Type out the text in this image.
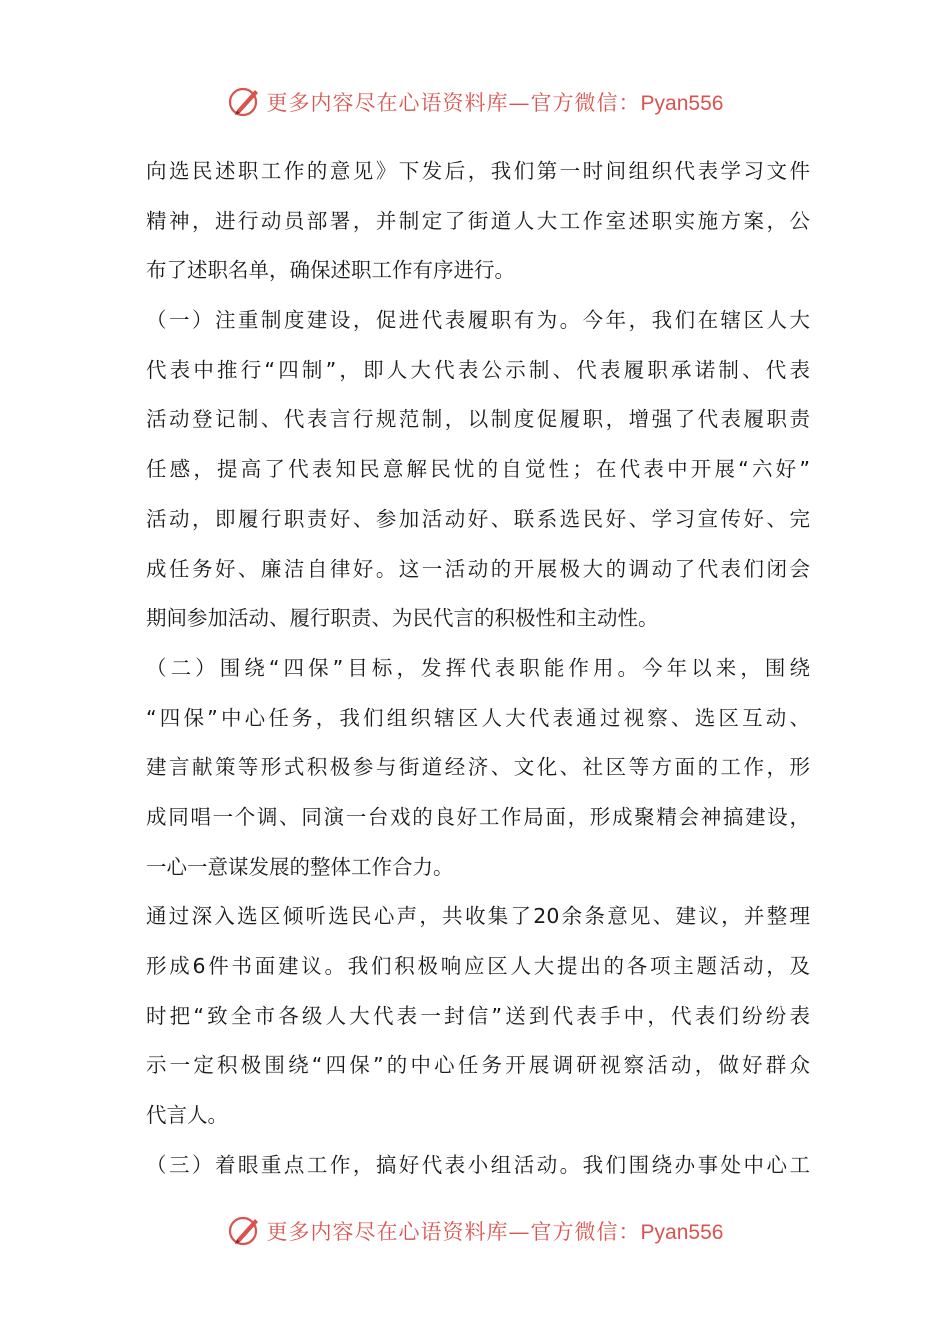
更多内容尽在心语资料库—官方微信：Pyan556
向选民述职工作的意见》下发后，我们第一时间组织代表学习文件
精神，进行动员部署，并制定了街道人大工作室述职实施方案，公
布了述职名单，确保述职工作有序进行。
（一）注重制度建设，促进代表履职有为。今年，我们在辖区人大
代表中推行“四制”，即人大代表公示制、代表履职承诺制、代表
活动登记制、代表言行规范制，以制度促履职，增强了代表履职责
任感，提高了代表知民意解民忧的自觉性；在代表中开展“六好”
活动，即履行职责好、参加活动好、联系选民好、学习宣传好、完
成任务好、廉洁自律好。这一活动的开展极大的调动了代表们闭会
期间参加活动、履行职责、为民代言的积极性和主动性。
（二）围绕“四保”目标，发挥代表职能作用。今年以来，围绕
“四保”中心任务，我们组织辖区人大代表通过视察、选区互动、
建言献策等形式积极参与街道经济、文化、社区等方面的工作，形
成同唱一个调、同演一台戏的良好工作局面，形成聚精会神搞建设，
一心一意谋发展的整体工作合力。
通过深入选区倾听选民心声，共收集了20余条意见、建议，并整理
形成6件书面建议。我们积极响应区人大提出的各项主题活动，及
时把“致全市各级人大代表一封信”送到代表手中，代表们纷纷表
示一定积极围绕“四保”的中心任务开展调研视察活动，做好群众
代言人。
（三）着眼重点工作，搞好代表小组活动。我们围绕办事处中心工
更多内容尽在心语资料库—官方微信：Pyan556
